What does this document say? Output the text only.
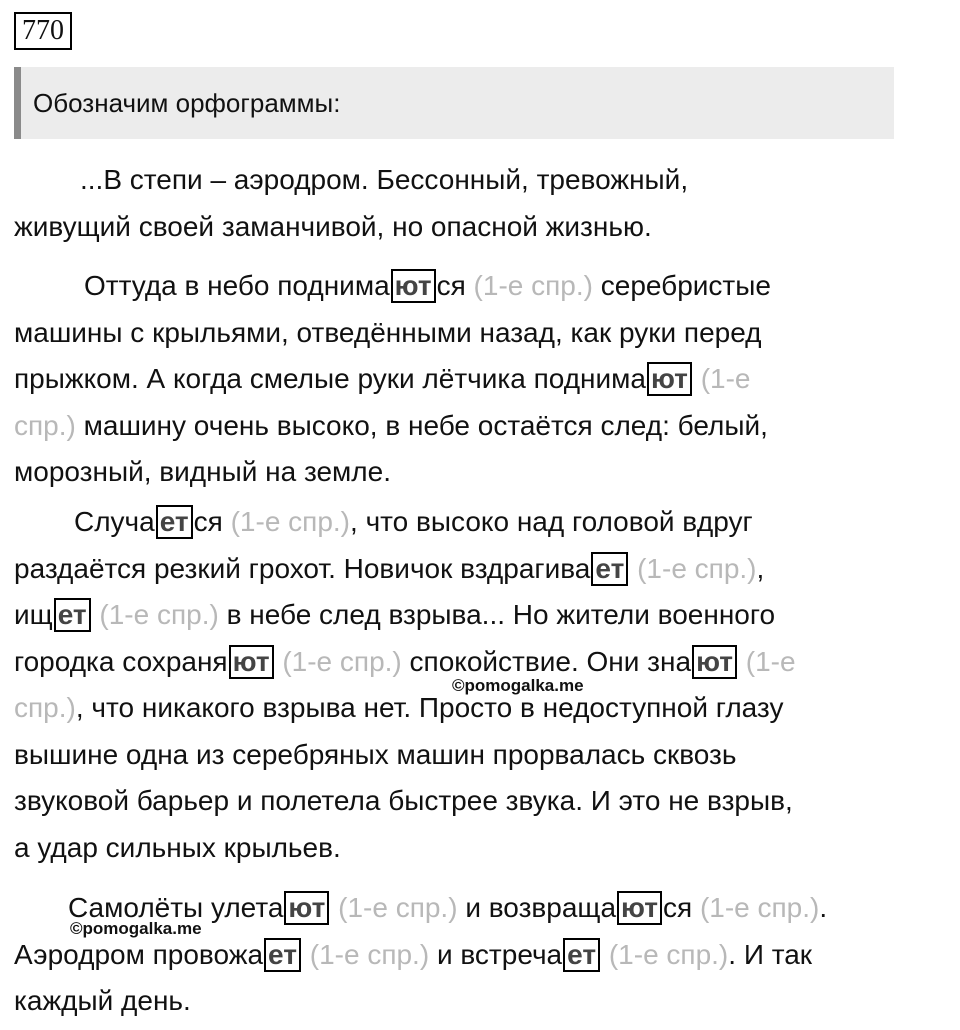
770
Обозначим орфограммы:
...В степи – аэродром. Бессонный, тревожный,
живущий своей заманчивой, но опасной жизнью.
Оттуда в небо поднима ют ся (1-е спр.) серебристые
машины с крыльями, отведёнными назад, как руки перед
прыжком. А когда смелые руки лётчика поднима ют (1-е
спр.) машину очень высоко, в небе остаётся след: белый,
морозный, видный на земле.
Случа ет ся (1-е спр.), что высоко над головой вдруг
раздаётся резкий грохот. Новичок вздрагива ет (1-е спр.),
ищ ет (1-е спр.) в небе след взрыва... Но жители военного
городка сохраня ют (1-е спр.) спокойствие. Они зна ют (1-е
спр.), что никакого взрыва нет. Просто в недоступной глазу
вышине одна из серебряных машин прорвалась сквозь
звуковой барьер и полетела быстрее звука. И это не взрыв,
а удар сильных крыльев.
Самолёты улета ют (1-е спр.) и возвраща ют ся (1-е спр.).
Аэродром провожа ет (1-е спр.) и встреча ет (1-е спр.). И так
каждый день.
©pomogalka.me
©pomogalka.me
